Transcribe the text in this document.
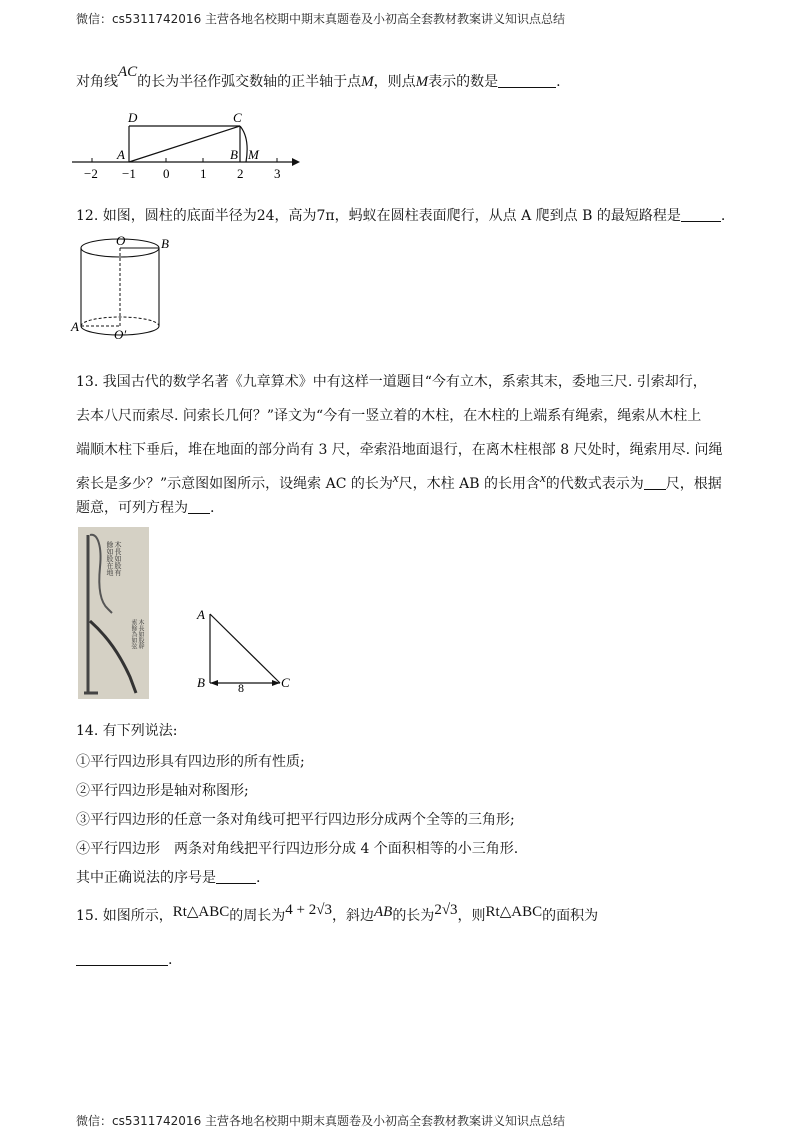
微信：cs5311742016 主营各地名校期中期末真题卷及小初高全套教材教案讲义知识点总结
对角线AC的长为半径作弧交数轴的正半轴于点M，则点M表示的数是	.
D	C
A	B M
−2 −1 0 1 2 3
12. 如图，圆柱的底面半径为24，高为7π，蚂蚁在圆柱表面爬行，从点 A 爬到点 B 的最短路程是	.
O	B
A
O′
13. 我国古代的数学名著《九章算术》中有这样一道题目“今有立木，系索其末，委地三尺. 引索却行，
去本八尺而索尽. 问索长几何？”译文为“今有一竖立着的木柱，在木柱的上端系有绳索，绳索从木柱上
端顺木柱下垂后，堆在地面的部分尚有 3 尺，牵索沿地面退行，在离木柱根部 8 尺处时，绳索用尽. 问绳
索长是多少？”示意图如图所示，设绳索 AC 的长为x尺，木柱 AB 的长用含x的代数式表示为 尺，根据
题意，可列方程为 .
木長如股有
餘如股在地
木長如股幹
索餘為如弦
A
B	C
8
14. 有下列说法:
①平行四边形具有四边形的所有性质;
②平行四边形是轴对称图形;
③平行四边形的任意一条对角线可把平行四边形分成两个全等的三角形;
④平行四边形　两条对角线把平行四边形分成 4 个面积相等的小三角形.
其中正确说法的序号是	.
15. 如图所示，Rt△ABC的周长为4 + 2√3，斜边AB的长为2√3，则Rt△ABC的面积为
.
微信：cs5311742016 主营各地名校期中期末真题卷及小初高全套教材教案讲义知识点总结
